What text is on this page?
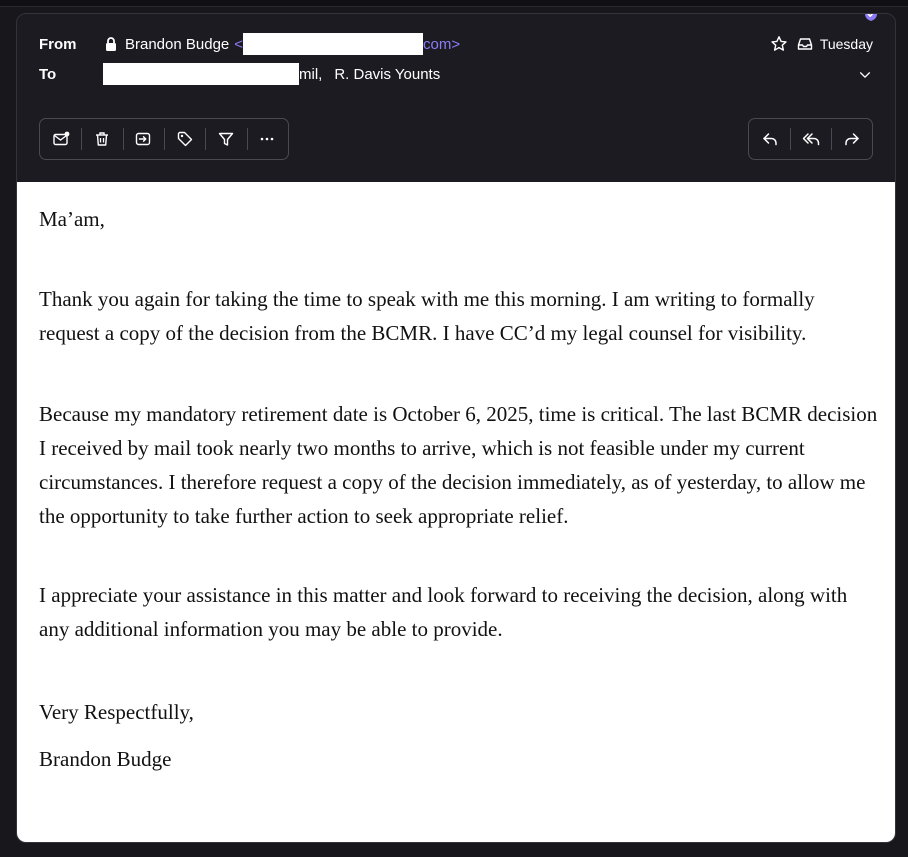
From	Brandon Budge <	com>
To	mil, R. Davis Younts
Tuesday

Ma’am,

Thank you again for taking the time to speak with me this morning. I am writing to formally request a copy of the decision from the BCMR. I have CC’d my legal counsel for visibility.

Because my mandatory retirement date is October 6, 2025, time is critical. The last BCMR decision I received by mail took nearly two months to arrive, which is not feasible under my current circumstances. I therefore request a copy of the decision immediately, as of yesterday, to allow me the opportunity to take further action to seek appropriate relief.

I appreciate your assistance in this matter and look forward to receiving the decision, along with any additional information you may be able to provide.

Very Respectfully,

Brandon Budge
